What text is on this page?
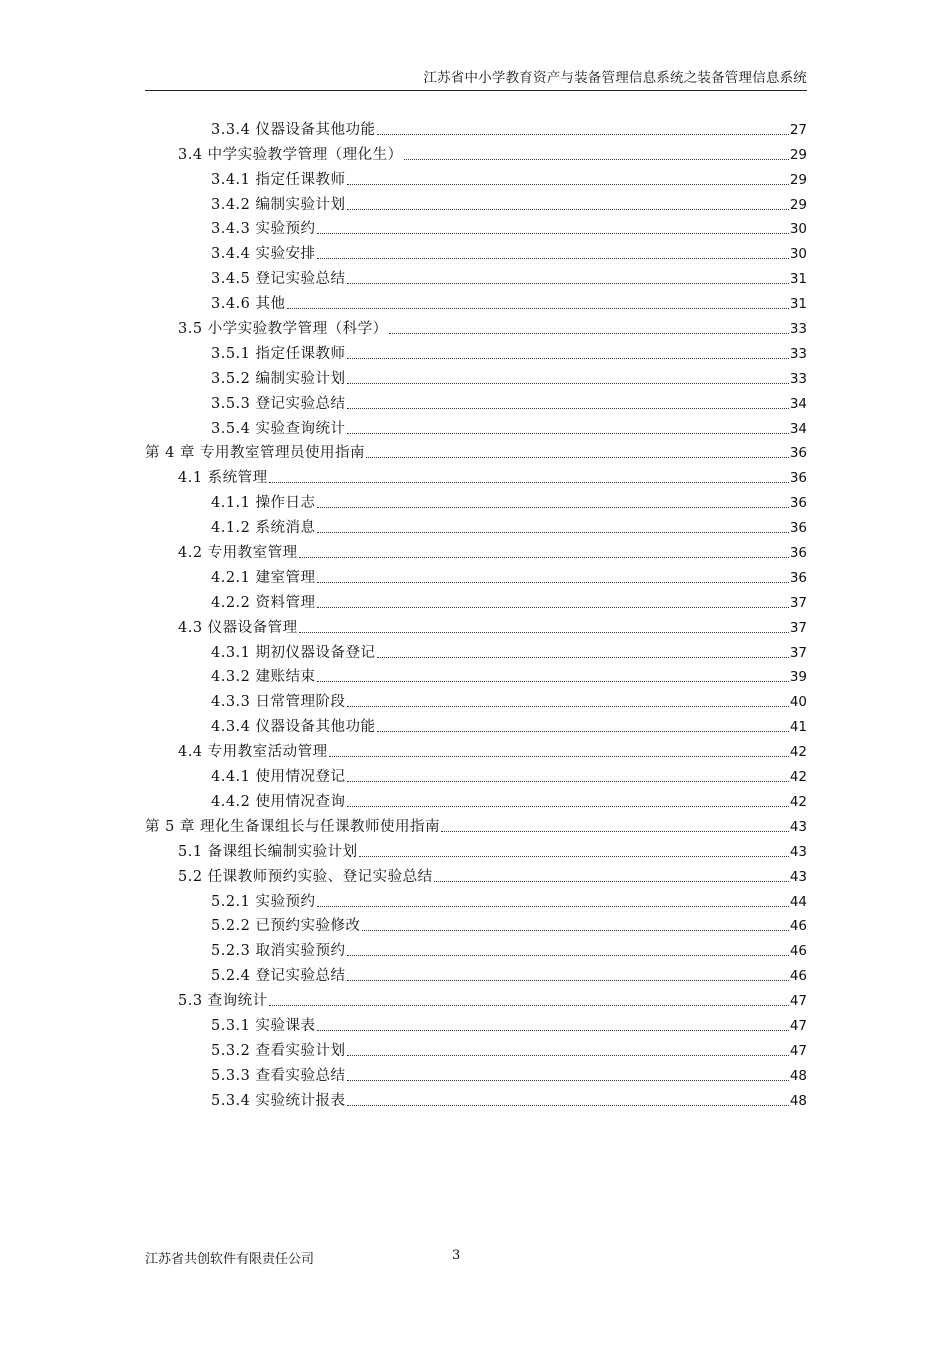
江苏省中小学教育资产与装备管理信息系统之装备管理信息系统
3.3.4 仪器设备其他功能	27
3.4 中学实验教学管理（理化生）	29
3.4.1 指定任课教师	29
3.4.2 编制实验计划	29
3.4.3 实验预约	30
3.4.4 实验安排	30
3.4.5 登记实验总结	31
3.4.6 其他	31
3.5 小学实验教学管理（科学）	33
3.5.1 指定任课教师	33
3.5.2 编制实验计划	33
3.5.3 登记实验总结	34
3.5.4 实验查询统计	34
第 4 章 专用教室管理员使用指南	36
4.1 系统管理	36
4.1.1 操作日志	36
4.1.2 系统消息	36
4.2 专用教室管理	36
4.2.1 建室管理	36
4.2.2 资料管理	37
4.3 仪器设备管理	37
4.3.1 期初仪器设备登记	37
4.3.2 建账结束	39
4.3.3 日常管理阶段	40
4.3.4 仪器设备其他功能	41
4.4 专用教室活动管理	42
4.4.1 使用情况登记	42
4.4.2 使用情况查询	42
第 5 章 理化生备课组长与任课教师使用指南	43
5.1 备课组长编制实验计划	43
5.2 任课教师预约实验、登记实验总结	43
5.2.1 实验预约	44
5.2.2 已预约实验修改	46
5.2.3 取消实验预约	46
5.2.4 登记实验总结	46
5.3 查询统计	47
5.3.1 实验课表	47
5.3.2 查看实验计划	47
5.3.3 查看实验总结	48
5.3.4 实验统计报表	48
江苏省共创软件有限责任公司	3
